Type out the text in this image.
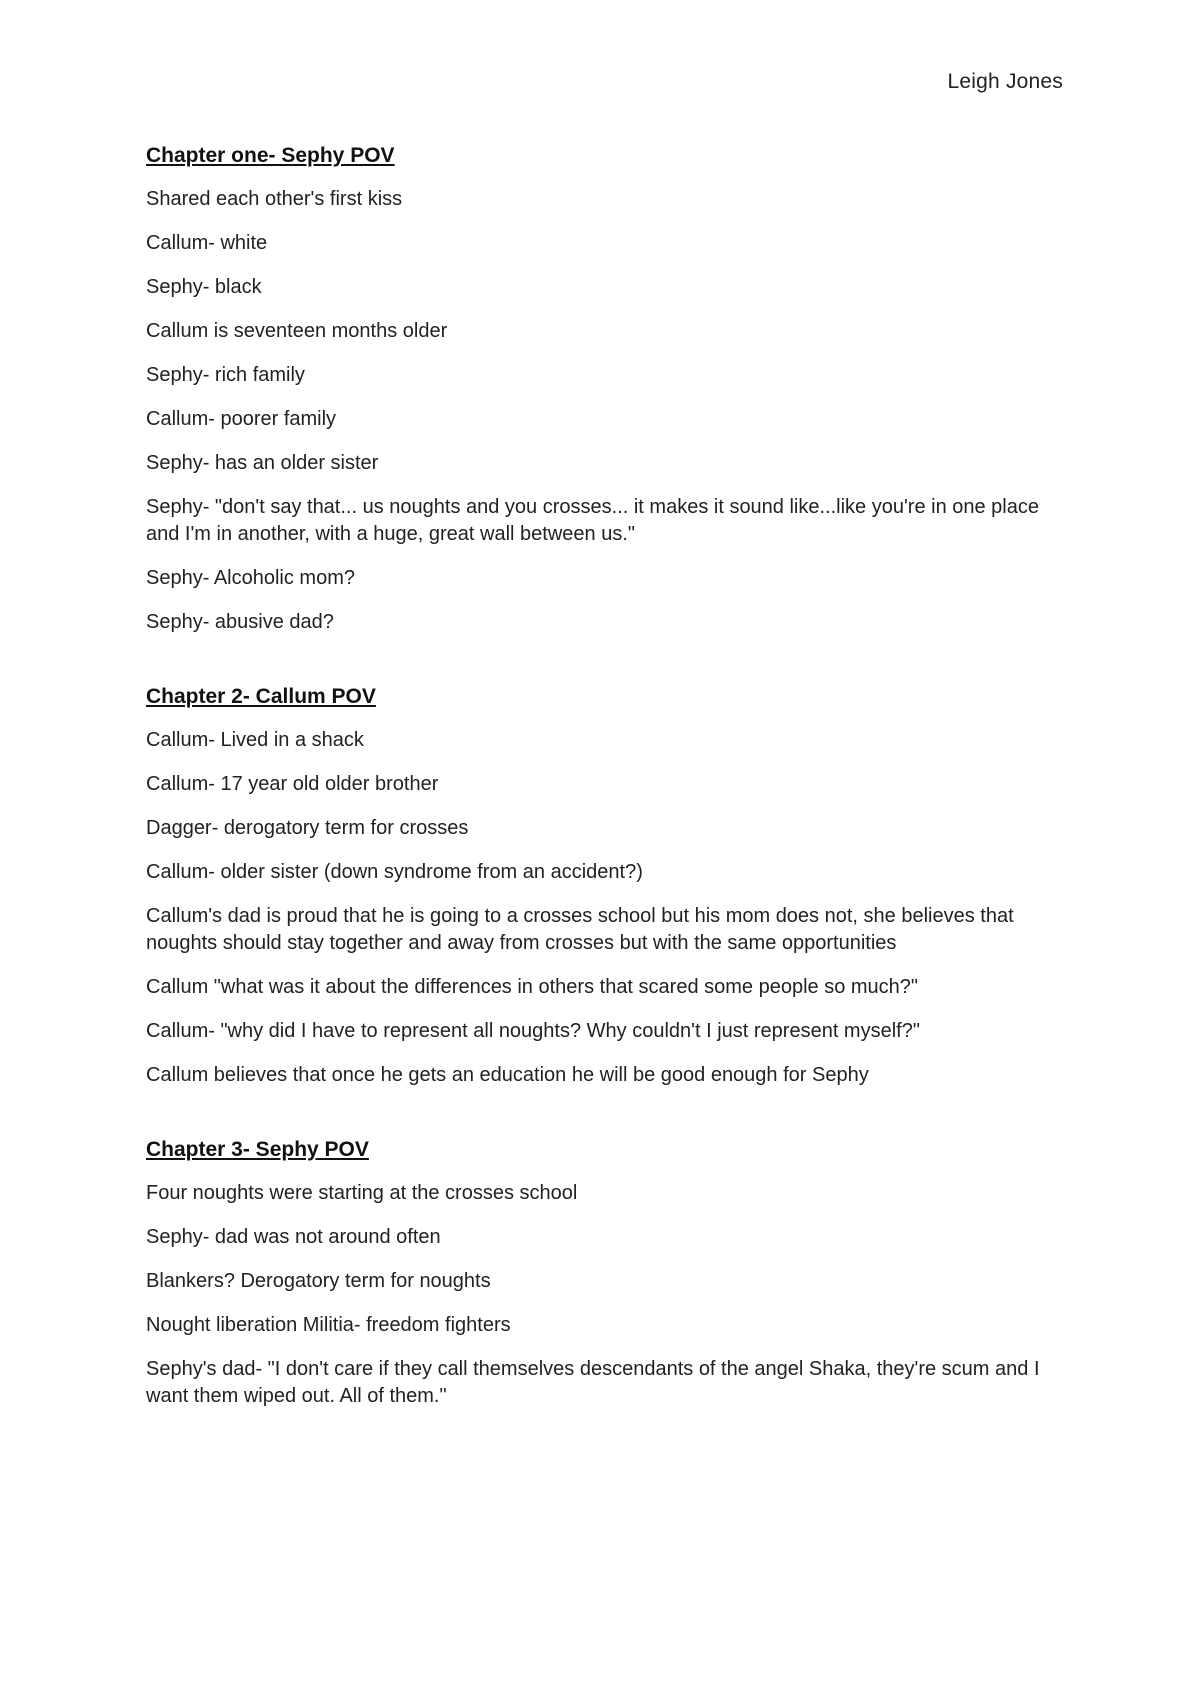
Leigh Jones
Chapter one- Sephy POV

Shared each other's first kiss

Callum- white

Sephy- black

Callum is seventeen months older

Sephy- rich family

Callum- poorer family

Sephy- has an older sister

Sephy- "don't say that... us noughts and you crosses... it makes it sound like...like you're in one place and I'm in another, with a huge, great wall between us."

Sephy- Alcoholic mom?

Sephy- abusive dad?

Chapter 2- Callum POV

Callum- Lived in a shack

Callum- 17 year old older brother

Dagger- derogatory term for crosses

Callum- older sister (down syndrome from an accident?)

Callum's dad is proud that he is going to a crosses school but his mom does not, she believes that noughts should stay together and away from crosses but with the same opportunities

Callum "what was it about the differences in others that scared some people so much?"

Callum- "why did I have to represent all noughts? Why couldn't I just represent myself?"

Callum believes that once he gets an education he will be good enough for Sephy

Chapter 3- Sephy POV

Four noughts were starting at the crosses school

Sephy- dad was not around often

Blankers? Derogatory term for noughts

Nought liberation Militia- freedom fighters

Sephy's dad- "I don't care if they call themselves descendants of the angel Shaka, they're scum and I want them wiped out. All of them."
